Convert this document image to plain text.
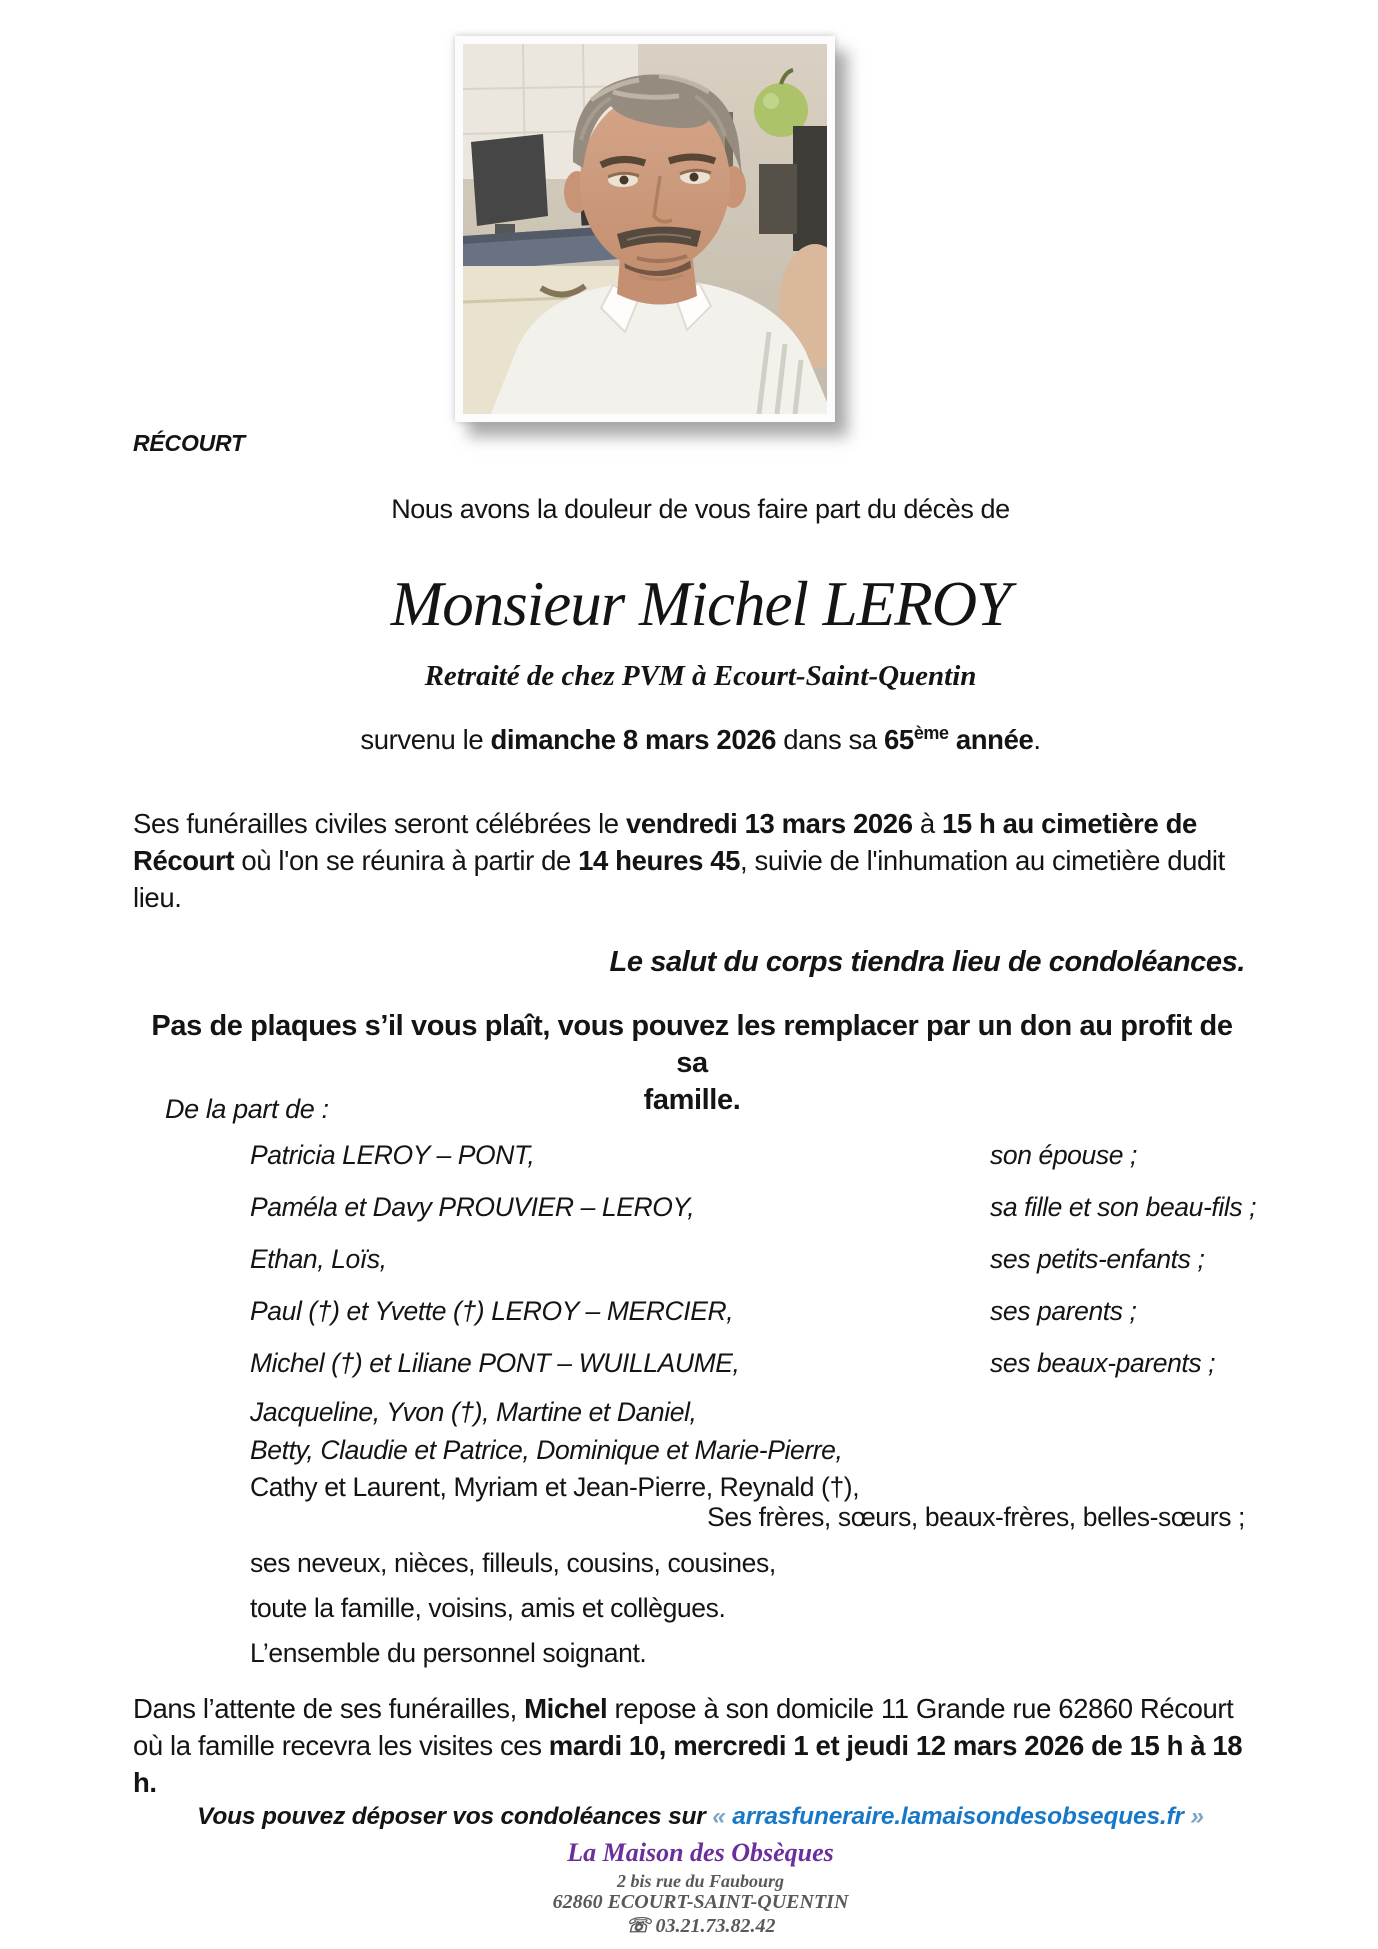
RÉCOURT
Nous avons la douleur de vous faire part du décès de
Monsieur Michel LEROY
Retraité de chez PVM à Ecourt-Saint-Quentin
survenu le dimanche 8 mars 2026 dans sa 65ème année.
Ses funérailles civiles seront célébrées le vendredi 13 mars 2026 à 15 h au cimetière de
Récourt où l'on se réunira à partir de 14 heures 45, suivie de l'inhumation au cimetière dudit lieu.
Le salut du corps tiendra lieu de condoléances.
Pas de plaques s’il vous plaît, vous pouvez les remplacer par un don au profit de sa
famille.
De la part de :
Patricia LEROY – PONT,	son épouse ;
Paméla et Davy PROUVIER – LEROY,	sa fille et son beau-fils ;
Ethan, Loïs,	ses petits-enfants ;
Paul (†) et Yvette (†) LEROY – MERCIER,	ses parents ;
Michel (†) et Liliane PONT – WUILLAUME,	ses beaux-parents ;
Jacqueline, Yvon (†), Martine et Daniel,
Betty, Claudie et Patrice, Dominique et Marie-Pierre,
Cathy et Laurent, Myriam et Jean-Pierre, Reynald (†),
Ses frères, sœurs, beaux-frères, belles-sœurs ;
ses neveux, nièces, filleuls, cousins, cousines,
toute la famille, voisins, amis et collègues.
L’ensemble du personnel soignant.
Dans l’attente de ses funérailles, Michel repose à son domicile 11 Grande rue 62860 Récourt
où la famille recevra les visites ces mardi 10, mercredi 1 et jeudi 12 mars 2026 de 15 h à 18 h.
Vous pouvez déposer vos condoléances sur « arrasfuneraire.lamaisondesobseques.fr »
La Maison des Obsèques
2 bis rue du Faubourg
62860 ECOURT-SAINT-QUENTIN
☏ 03.21.73.82.42
